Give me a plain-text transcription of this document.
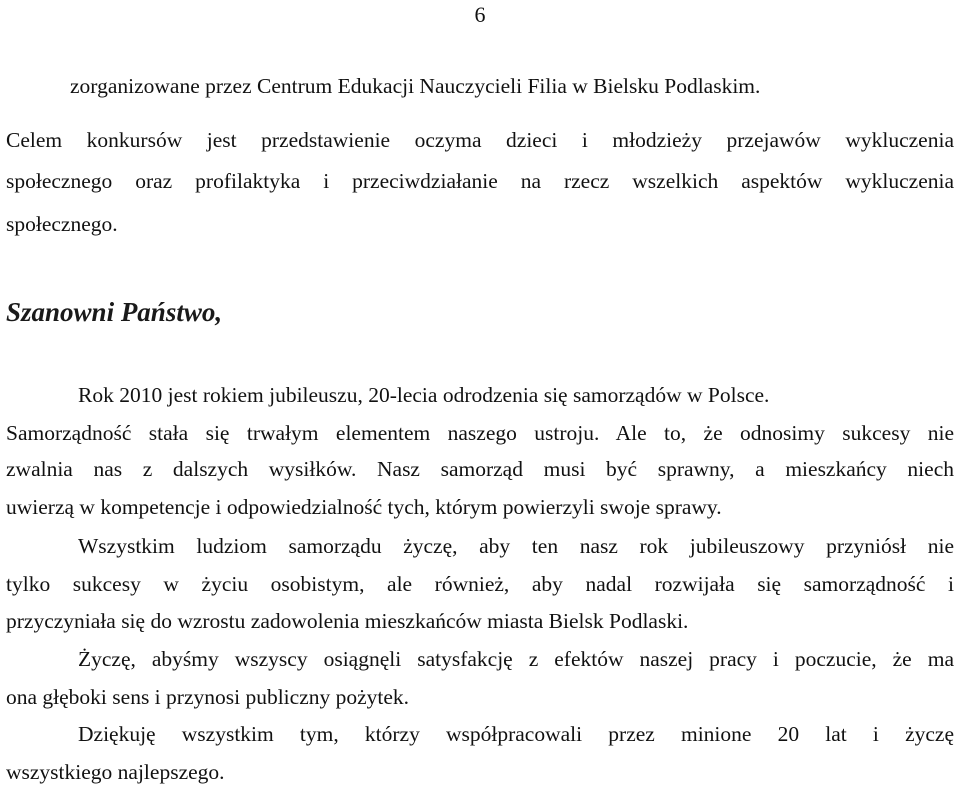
6
zorganizowane przez Centrum Edukacji Nauczycieli Filia w Bielsku Podlaskim.
Celem konkursów jest przedstawienie oczyma dzieci i młodzieży przejawów wykluczenia
społecznego oraz profilaktyka i przeciwdziałanie na rzecz wszelkich aspektów wykluczenia
społecznego.
Szanowni Państwo,
Rok 2010 jest rokiem jubileuszu, 20-lecia odrodzenia się samorządów w Polsce.
Samorządność stała się trwałym elementem naszego ustroju. Ale to, że odnosimy sukcesy nie
zwalnia nas z dalszych wysiłków. Nasz samorząd musi być sprawny, a mieszkańcy niech
uwierzą w kompetencje i odpowiedzialność tych, którym powierzyli swoje sprawy.
Wszystkim ludziom samorządu życzę, aby ten nasz rok jubileuszowy przyniósł nie
tylko sukcesy w życiu osobistym, ale również, aby nadal rozwijała się samorządność i
przyczyniała się do wzrostu zadowolenia mieszkańców miasta Bielsk Podlaski.
Życzę, abyśmy wszyscy osiągnęli satysfakcję z efektów naszej pracy i poczucie, że ma
ona głęboki sens i przynosi publiczny pożytek.
Dziękuję wszystkim tym, którzy współpracowali przez minione 20 lat i życzę
wszystkiego najlepszego.
